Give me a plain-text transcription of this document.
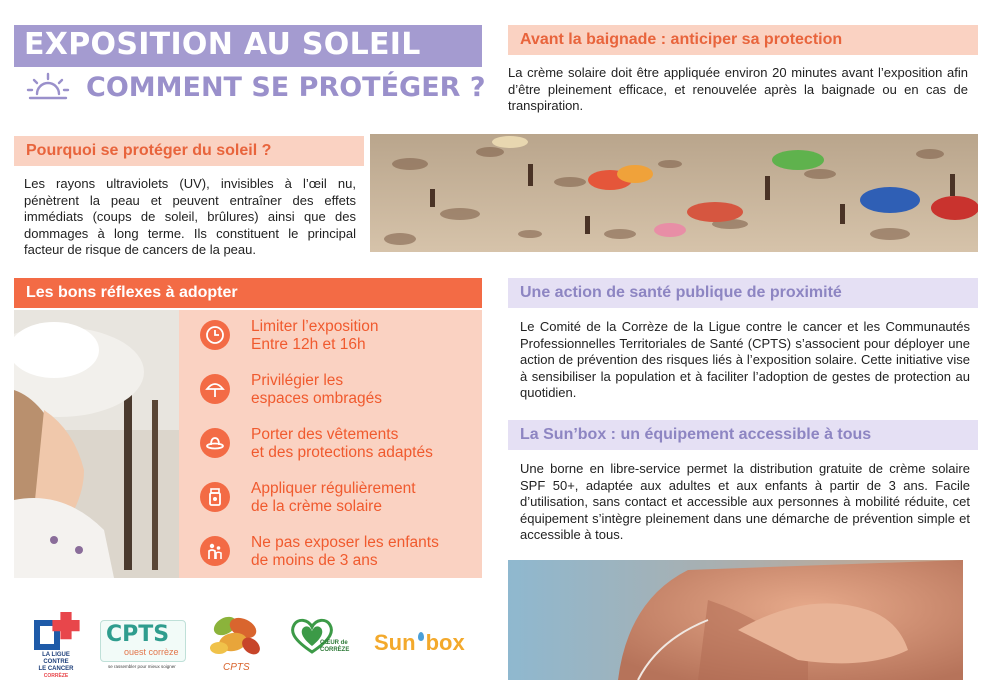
EXPOSITION AU SOLEIL
COMMENT SE PROTÉGER ?
Avant la baignade : anticiper sa protection
La crème solaire doit être appliquée environ 20 minutes avant l’exposition afin d’être pleinement efficace, et renouvelée après la baignade ou en cas de transpiration.
Pourquoi se protéger du soleil ?
Les rayons ultraviolets (UV), invisibles à l’œil nu, pénètrent la peau et peuvent entraîner des effets immédiats (coups de soleil, brûlures) ainsi que des dommages à long terme. Ils constituent le principal facteur de risque de cancers de la peau.
Les bons réflexes à adopter
Limiter l’exposition
Entre 12h et 16h
Privilégier les
espaces ombragés
Porter des vêtements
et des protections adaptés
Appliquer régulièrement
de la crème solaire
Ne pas exposer les enfants
de moins de 3 ans
Une action de santé publique de proximité
Le Comité de la Corrèze de la Ligue contre le cancer et les Communautés Professionnelles Territoriales de Santé (CPTS) s’associent pour déployer une action de prévention des risques liés à l’exposition solaire. Cette initiative vise à sensibiliser la population et à faciliter l’adoption de gestes de protection au quotidien.
La Sun’box : un équipement accessible à tous
Une borne en libre-service permet la distribution gratuite de crème solaire SPF 50+, adaptée aux adultes et aux enfants à partir de 3 ans. Facile d’utilisation, sans contact et accessible aux personnes à mobilité réduite, cet équipement s’intègre pleinement dans une démarche de prévention simple et accessible à tous.
LA LIGUE
CONTRE
LE CANCER
CORRÈZE
CPTS
ouest corrèze
se rassembler pour mieux soigner	CPTS
CŒUR de
CORRÈZE	Sun box
